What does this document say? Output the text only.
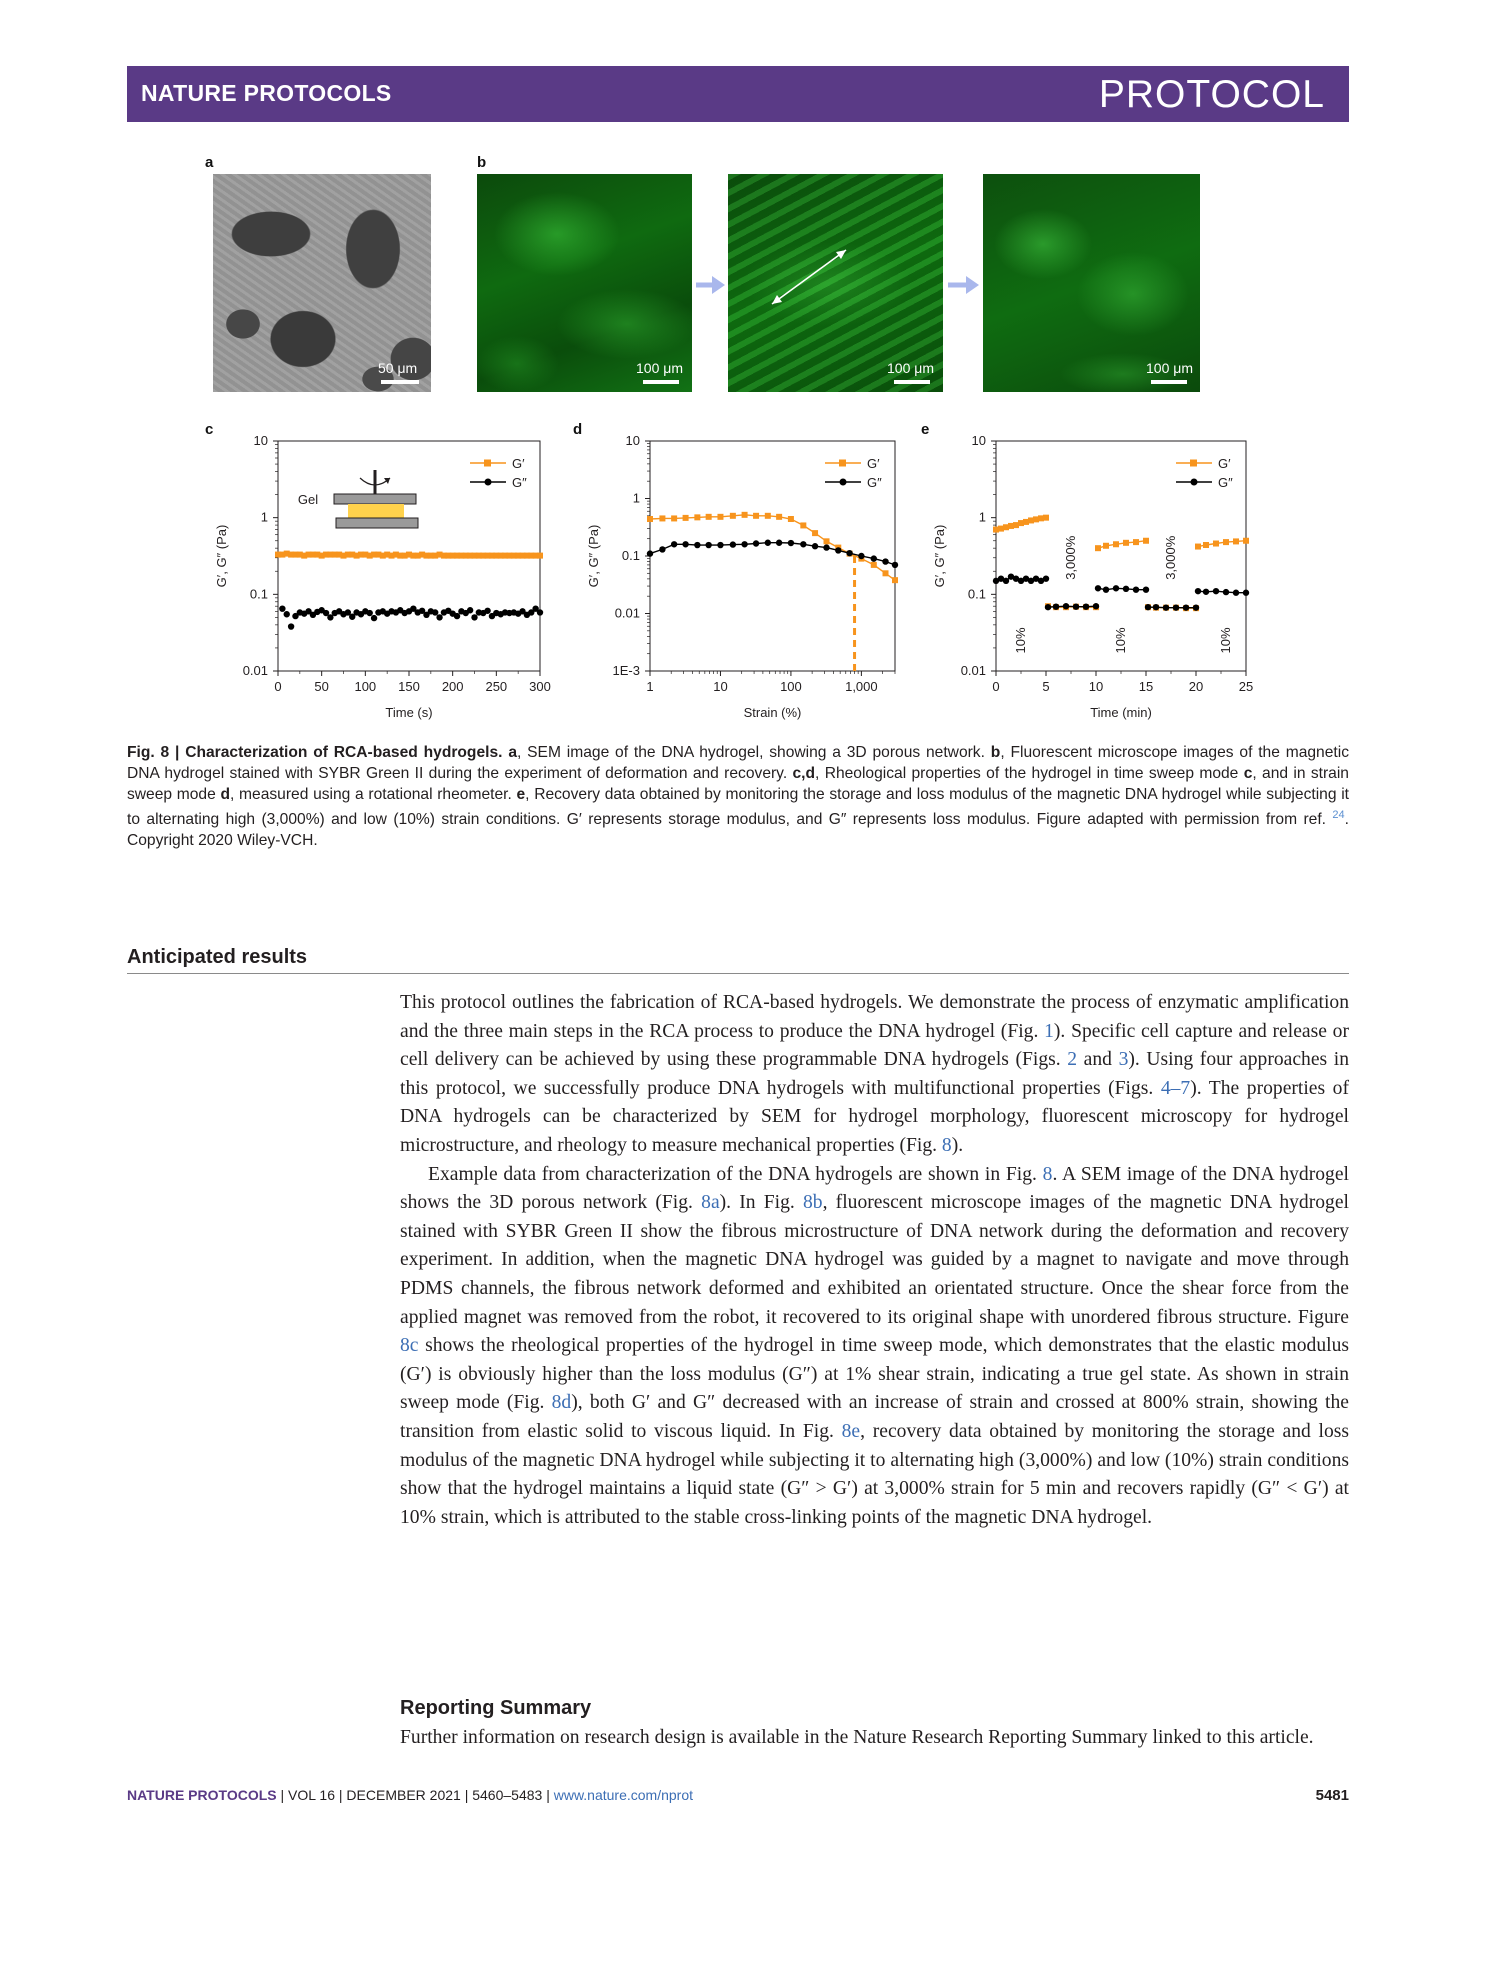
NATURE PROTOCOLS	PROTOCOL
a	b
50 μm	100 μm	100 μm	100 μm
c	d	e
0.01
0.1
1
10
0	50 100 150 200 250 300
Time (s)
G′, G″ (Pa)
G′
G″
Gel
1E-3
0.01
0.1
1
10
1	10	100	1,000
Strain (%)
G′, G″ (Pa)
G′
G″
0.01
0.1
1
10
0	5	10	15	20	25
Time (min)
G′, G″ (Pa)
G′
G″
10%
3,000%
10%
3,000%
10%
Fig. 8 | Characterization of RCA-based hydrogels. a, SEM image of the DNA hydrogel, showing a 3D porous network. b, Fluorescent microscope images of the magnetic DNA hydrogel stained with SYBR Green II during the experiment of deformation and recovery. c,d, Rheological properties of the hydrogel in time sweep mode c, and in strain sweep mode d, measured using a rotational rheometer. e, Recovery data obtained by monitoring the storage and loss modulus of the magnetic DNA hydrogel while subjecting it to alternating high (3,000%) and low (10%) strain conditions. G′ represents storage modulus, and G″ represents loss modulus. Figure adapted with permission from ref. $^{24}$. Copyright 2020 Wiley-VCH.
Anticipated results

This protocol outlines the fabrication of RCA-based hydrogels. We demonstrate the process of enzymatic amplification and the three main steps in the RCA process to produce the DNA hydrogel (Fig. 1). Specific cell capture and release or cell delivery can be achieved by using these programmable DNA hydrogels (Figs. 2 and 3). Using four approaches in this protocol, we successfully produce DNA hydrogels with multifunctional properties (Figs. 4–7). The properties of DNA hydrogels can be characterized by SEM for hydrogel morphology, fluorescent microscopy for hydrogel microstructure, and rheology to measure mechanical properties (Fig. 8).

Example data from characterization of the DNA hydrogels are shown in Fig. 8. A SEM image of the DNA hydrogel shows the 3D porous network (Fig. 8a). In Fig. 8b, fluorescent microscope images of the magnetic DNA hydrogel stained with SYBR Green II show the fibrous microstructure of DNA network during the deformation and recovery experiment. In addition, when the magnetic DNA hydrogel was guided by a magnet to navigate and move through PDMS channels, the fibrous network deformed and exhibited an orientated structure. Once the shear force from the applied magnet was removed from the robot, it recovered to its original shape with unordered fibrous structure. Figure 8c shows the rheological properties of the hydrogel in time sweep mode, which demonstrates that the elastic modulus (G′) is obviously higher than the loss modulus (G″) at 1% shear strain, indicating a true gel state. As shown in strain sweep mode (Fig. 8d), both G′ and G″ decreased with an increase of strain and crossed at 800% strain, showing the transition from elastic solid to viscous liquid. In Fig. 8e, recovery data obtained by monitoring the storage and loss modulus of the magnetic DNA hydrogel while subjecting it to alternating high (3,000%) and low (10%) strain conditions show that the hydrogel maintains a liquid state (G″ > G′) at 3,000% strain for 5 min and recovers rapidly (G″ < G′) at 10% strain, which is attributed to the stable cross-linking points of the magnetic DNA hydrogel.

Reporting Summary

Further information on research design is available in the Nature Research Reporting Summary linked to this article.

NATURE PROTOCOLS | VOL 16 | DECEMBER 2021 | 5460–5483 | www.nature.com/nprot	5481
